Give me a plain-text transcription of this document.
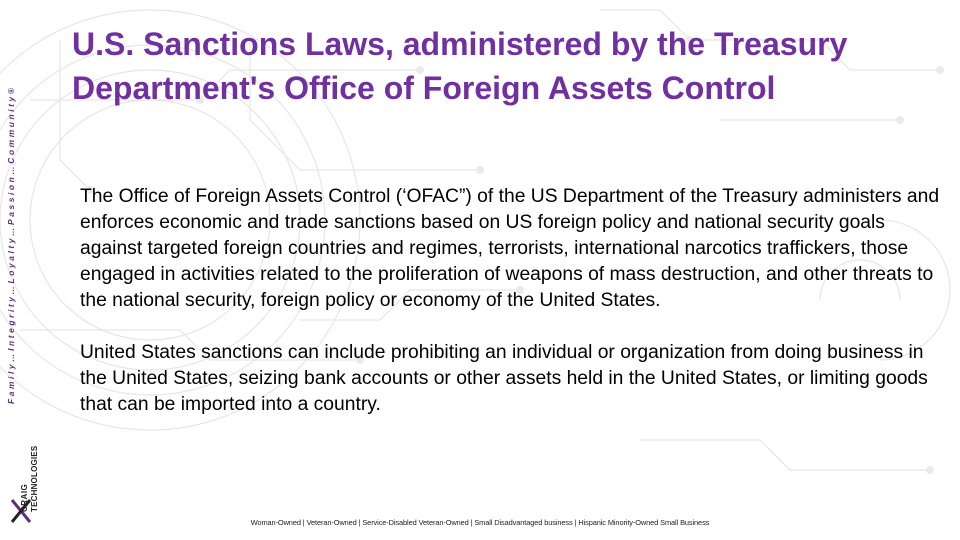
U.S. Sanctions Laws, administered by the Treasury Department's Office of Foreign Assets Control

The Office of Foreign Assets Control (‘OFAC”) of the US Department of the Treasury administers and enforces economic and trade sanctions based on US foreign policy and national security goals against targeted foreign countries and regimes, terrorists, international narcotics traffickers, those engaged in activities related to the proliferation of weapons of mass destruction, and other threats to the national security, foreign policy or economy of the United States.

United States sanctions can include prohibiting an individual or organization from doing business in the United States, seizing bank accounts or other assets held in the United States, or limiting goods that can be imported into a country.

Family…Integrity…Loyalty…Passion…Community®
CRAIG TECHNOLOGIES
Woman-Owned | Veteran-Owned | Service-Disabled Veteran-Owned | Small Disadvantaged business | Hispanic Minority-Owned Small Business
